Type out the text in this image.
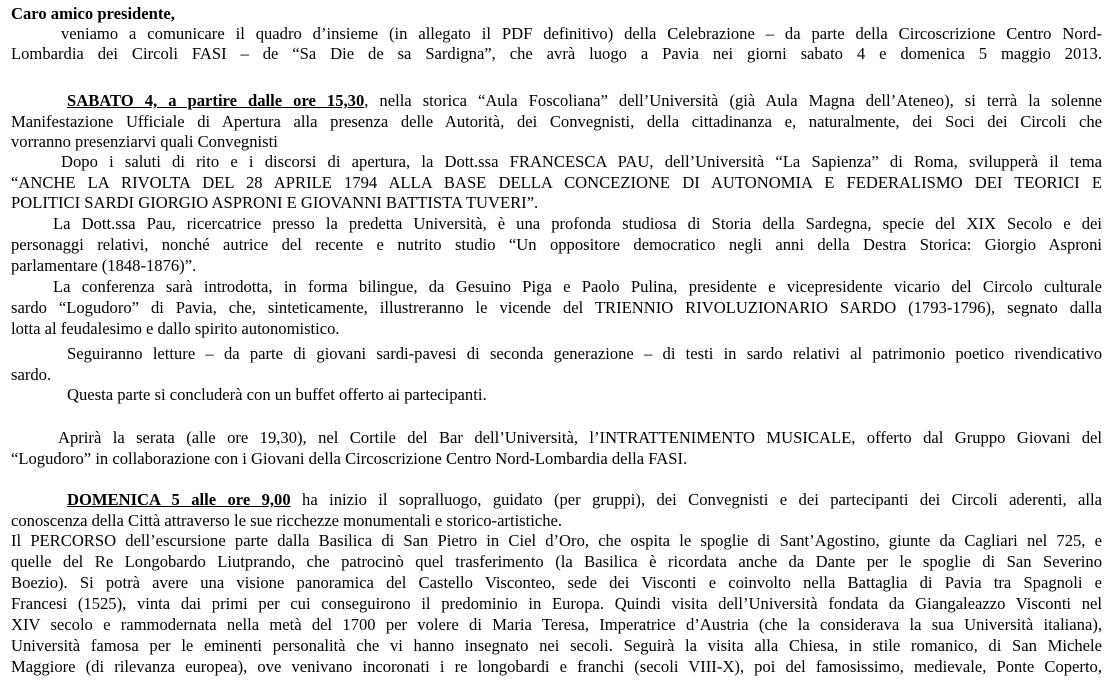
Caro amico presidente,
veniamo a comunicare il quadro d’insieme (in allegato il PDF definitivo) della Celebrazione – da parte della Circoscrizione Centro Nord-
Lombardia dei Circoli FASI – de “Sa Die de sa Sardigna”, che avrà luogo a Pavia nei giorni sabato 4 e domenica 5 maggio 2013.
SABATO 4, a partire dalle ore 15,30, nella storica “Aula Foscoliana” dell’Università (già Aula Magna dell’Ateneo), si terrà la solenne
Manifestazione Ufficiale di Apertura alla presenza delle Autorità, dei Convegnisti, della cittadinanza e, naturalmente, dei Soci dei Circoli che
vorranno presenziarvi quali Convegnisti
Dopo i saluti di rito e i discorsi di apertura, la Dott.ssa FRANCESCA PAU, dell’Università “La Sapienza” di Roma, svilupperà il tema
“ANCHE LA RIVOLTA DEL 28 APRILE 1794 ALLA BASE DELLA CONCEZIONE DI AUTONOMIA E FEDERALISMO DEI TEORICI E
POLITICI SARDI GIORGIO ASPRONI E GIOVANNI BATTISTA TUVERI”.
La Dott.ssa Pau, ricercatrice presso la predetta Università, è una profonda studiosa di Storia della Sardegna, specie del XIX Secolo e dei
personaggi relativi, nonché autrice del recente e nutrito studio “Un oppositore democratico negli anni della Destra Storica: Giorgio Asproni
parlamentare (1848-1876)”.
La conferenza sarà introdotta, in forma bilingue, da Gesuino Piga e Paolo Pulina, presidente e vicepresidente vicario del Circolo culturale
sardo “Logudoro” di Pavia, che, sinteticamente, illustreranno le vicende del TRIENNIO RIVOLUZIONARIO SARDO (1793-1796), segnato dalla
lotta al feudalesimo e dallo spirito autonomistico.
Seguiranno letture – da parte di giovani sardi-pavesi di seconda generazione – di testi in sardo relativi al patrimonio poetico rivendicativo
sardo.
Questa parte si concluderà con un buffet offerto ai partecipanti.
Aprirà la serata (alle ore 19,30), nel Cortile del Bar dell’Università, l’INTRATTENIMENTO MUSICALE, offerto dal Gruppo Giovani del
“Logudoro” in collaborazione con i Giovani della Circoscrizione Centro Nord-Lombardia della FASI.
DOMENICA 5 alle ore 9,00 ha inizio il sopralluogo, guidato (per gruppi), dei Convegnisti e dei partecipanti dei Circoli aderenti, alla
conoscenza della Città attraverso le sue ricchezze monumentali e storico-artistiche.
Il PERCORSO dell’escursione parte dalla Basilica di San Pietro in Ciel d’Oro, che ospita le spoglie di Sant’Agostino, giunte da Cagliari nel 725, e
quelle del Re Longobardo Liutprando, che patrocinò quel trasferimento (la Basilica è ricordata anche da Dante per le spoglie di San Severino
Boezio). Si potrà avere una visione panoramica del Castello Visconteo, sede dei Visconti e coinvolto nella Battaglia di Pavia tra Spagnoli e
Francesi (1525), vinta dai primi per cui conseguirono il predominio in Europa. Quindi visita dell’Università fondata da Giangaleazzo Visconti nel
XIV secolo e rammodernata nella metà del 1700 per volere di Maria Teresa, Imperatrice d’Austria (che la considerava la sua Università italiana),
Università famosa per le eminenti personalità che vi hanno insegnato nei secoli. Seguirà la visita alla Chiesa, in stile romanico, di San Michele
Maggiore (di rilevanza europea), ove venivano incoronati i re longobardi e franchi (secoli VIII-X), poi del famosissimo, medievale, Ponte Coperto,
